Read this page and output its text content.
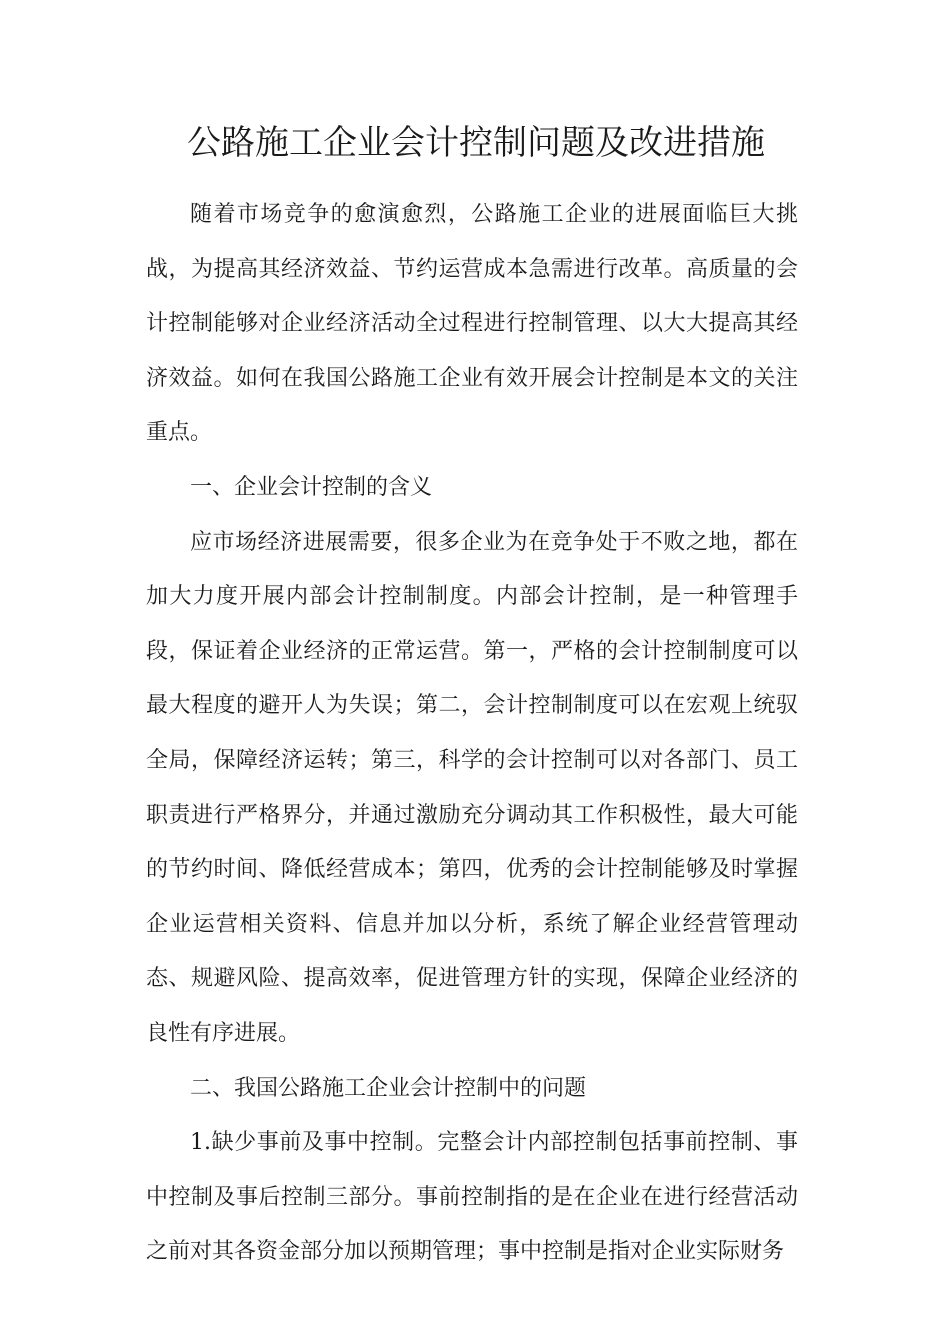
公路施工企业会计控制问题及改进措施

随着市场竞争的愈演愈烈，公路施工企业的进展面临巨大挑战，为提高其经济效益、节约运营成本急需进行改革。高质量的会计控制能够对企业经济活动全过程进行控制管理、以大大提高其经济效益。如何在我国公路施工企业有效开展会计控制是本文的关注重点。

一、企业会计控制的含义

应市场经济进展需要，很多企业为在竞争处于不败之地，都在加大力度开展内部会计控制制度。内部会计控制，是一种管理手段，保证着企业经济的正常运营。第一，严格的会计控制制度可以最大程度的避开人为失误；第二，会计控制制度可以在宏观上统驭全局，保障经济运转；第三，科学的会计控制可以对各部门、员工职责进行严格界分，并通过激励充分调动其工作积极性，最大可能的节约时间、降低经营成本；第四，优秀的会计控制能够及时掌握企业运营相关资料、信息并加以分析，系统了解企业经营管理动态、规避风险、提高效率，促进管理方针的实现，保障企业经济的良性有序进展。

二、我国公路施工企业会计控制中的问题

1.缺少事前及事中控制。完整会计内部控制包括事前控制、事中控制及事后控制三部分。事前控制指的是在企业在进行经营活动之前对其各资金部分加以预期管理；事中控制是指对企业实际财务
